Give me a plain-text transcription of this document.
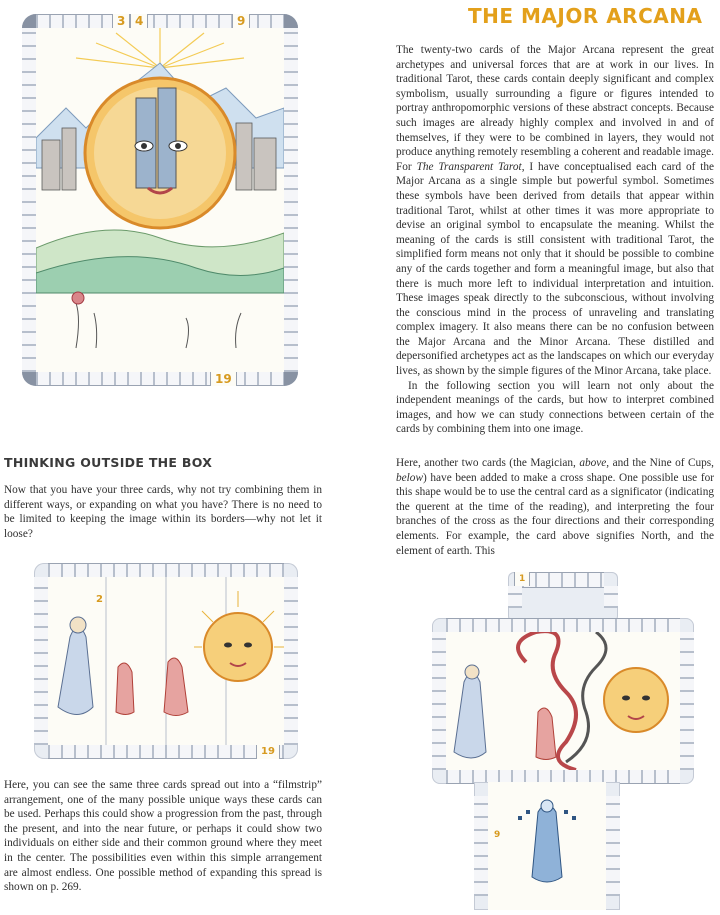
3 4	9
19
THE MAJOR ARCANA

The twenty-two cards of the Major Arcana represent the great archetypes and universal forces that are at work in our lives. In traditional Tarot, these cards contain deeply significant and complex symbolism, usually surrounding a figure or figures intended to portray anthropomorphic versions of these abstract concepts. Because such images are already highly complex and involved in and of themselves, if they were to be combined in layers, they would not produce anything remotely resembling a coherent and readable image. For The Transparent Tarot, I have conceptualised each card of the Major Arcana as a single simple but powerful symbol. Sometimes these symbols have been derived from details that appear within traditional Tarot, whilst at other times it was more appropriate to devise an original symbol to encapsulate the meaning. Whilst the meaning of the cards is still consistent with traditional Tarot, the simplified form means not only that it should be possible to combine any of the cards together and form a meaningful image, but also that there is much more left to individual interpretation and intuition. These images speak directly to the subconscious, without involving the conscious mind in the process of unraveling and translating complex imagery. It also means there can be no confusion between the Major Arcana and the Minor Arcana. These distilled and depersonified archetypes act as the landscapes on which our everyday lives, as shown by the simple figures of the Minor Arcana, take place.

In the following section you will learn not only about the independent meanings of the cards, but how to interpret combined images, and how we can study connections between certain of the cards by combining them into one image.

THINKING OUTSIDE THE BOX
Now that you have your three cards, why not try combining them in different ways, or expanding on what you have? There is no need to be limited to keeping the image within its borders—why not let it loose?
2
19
Here, you can see the same three cards spread out into a “filmstrip” arrangement, one of the many possible unique ways these cards can be used. Perhaps this could show a progression from the past, through the present, and into the near future, or perhaps it could show two individuals on either side and their common ground where they meet in the center. The possibilities even within this simple arrangement are almost endless. One possible method of expanding this spread is shown on p. 269.
Here, another two cards (the Magician, above, and the Nine of Cups, below) have been added to make a cross shape. One possible use for this shape would be to use the central card as a significator (indicating the querent at the time of the reading), and interpreting the four branches of the cross as the four directions and their corresponding elements. For example, the card above signifies North, and the element of earth. This
1
9
